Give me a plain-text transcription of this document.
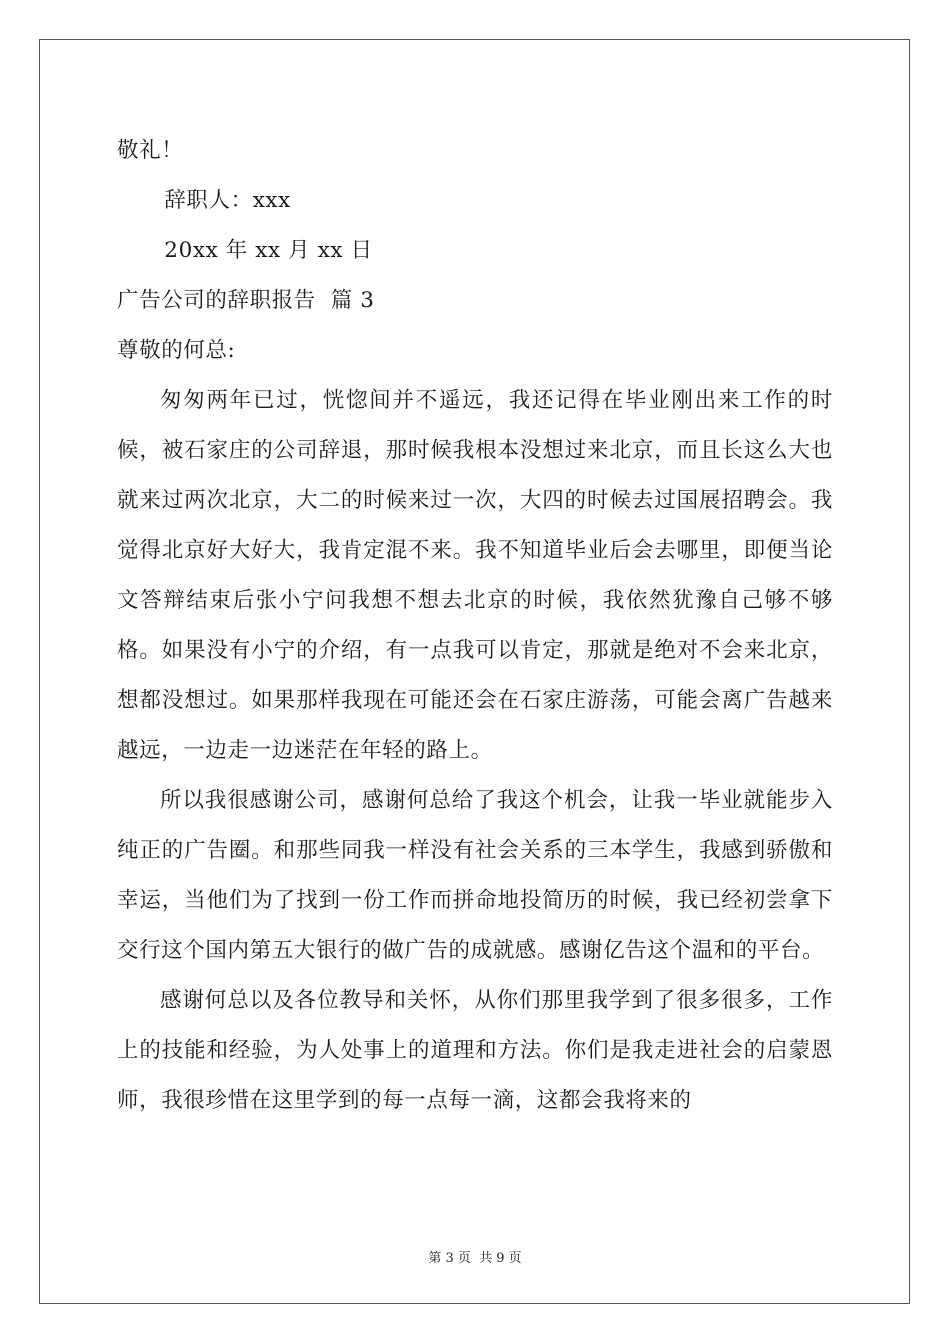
敬礼！
辞职人：xxx
20xx 年 xx 月 xx 日
广告公司的辞职报告  篇 3
尊敬的何总:

匆匆两年已过，恍惚间并不遥远，我还记得在毕业刚出来工作的时候，被石家庄的公司辞退，那时候我根本没想过来北京，而且长这么大也就来过两次北京，大二的时候来过一次，大四的时候去过国展招聘会。我觉得北京好大好大，我肯定混不来。我不知道毕业后会去哪里，即便当论文答辩结束后张小宁问我想不想去北京的时候，我依然犹豫自己够不够格。如果没有小宁的介绍，有一点我可以肯定，那就是绝对不会来北京，想都没想过。如果那样我现在可能还会在石家庄游荡，可能会离广告越来越远，一边走一边迷茫在年轻的路上。

所以我很感谢公司，感谢何总给了我这个机会，让我一毕业就能步入纯正的广告圈。和那些同我一样没有社会关系的三本学生，我感到骄傲和幸运，当他们为了找到一份工作而拼命地投简历的时候，我已经初尝拿下交行这个国内第五大银行的做广告的成就感。感谢亿告这个温和的平台。

感谢何总以及各位教导和关怀，从你们那里我学到了很多很多，工作上的技能和经验，为人处事上的道理和方法。你们是我走进社会的启蒙恩师，我很珍惜在这里学到的每一点每一滴，这都会我将来的

第 3 页 共 9 页
